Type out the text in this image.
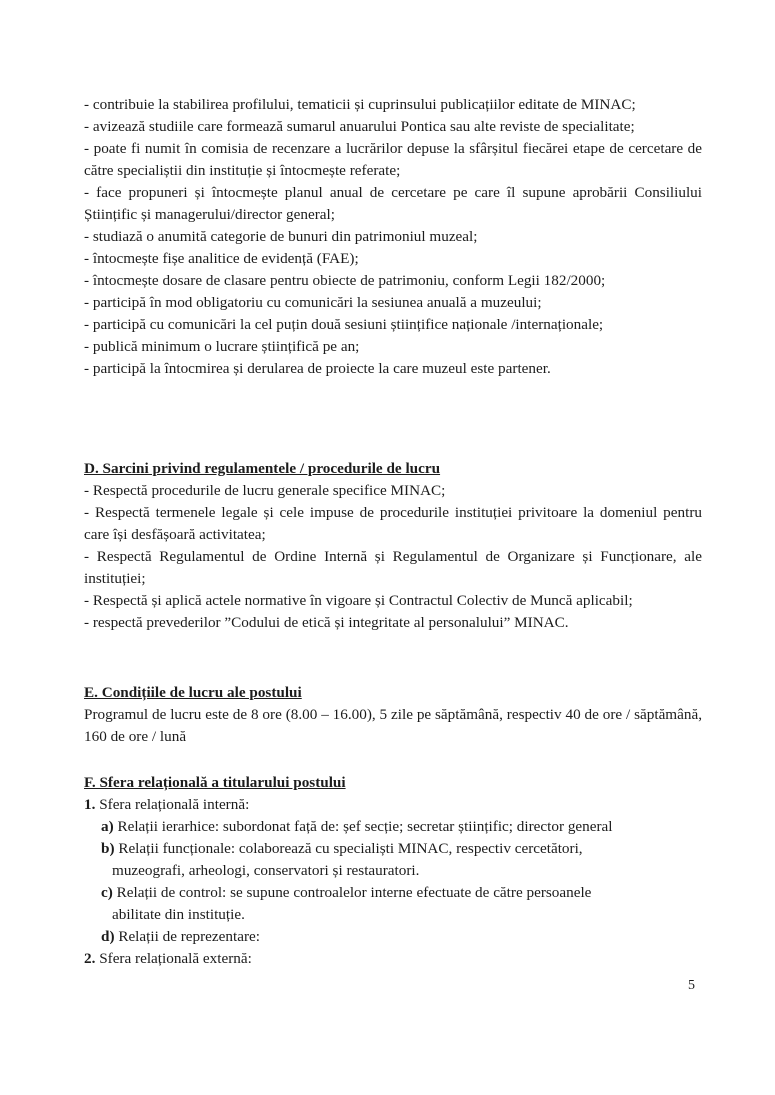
- contribuie la stabilirea profilului, tematicii și cuprinsului publicațiilor editate de MINAC;

- avizează studiile care formează sumarul anuarului Pontica sau alte reviste de specialitate;

- poate fi numit în comisia de recenzare a lucrărilor depuse la sfârșitul fiecărei etape de cercetare de către specialiștii din instituție și întocmește referate;

- face propuneri și întocmește planul anual de cercetare pe care îl supune aprobării Consiliului Științific și managerului/director general;

- studiază o anumită categorie de bunuri din patrimoniul muzeal;

- întocmește fișe analitice de evidență (FAE);

- întocmește dosare de clasare pentru obiecte de patrimoniu, conform Legii 182/2000;

- participă în mod obligatoriu cu comunicări la sesiunea anuală a muzeului;

- participă cu comunicări la cel puțin două sesiuni științifice naționale /internaționale;

- publică minimum o lucrare științifică pe an;

- participă la întocmirea și derularea de proiecte la care muzeul este partener.

D. Sarcini privind regulamentele / procedurile de lucru

- Respectă procedurile de lucru generale specifice MINAC;

- Respectă termenele legale și cele impuse de procedurile instituției privitoare la domeniul pentru care își desfășoară activitatea;

- Respectă Regulamentul de Ordine Internă și Regulamentul de Organizare și Funcționare, ale instituției;

- Respectă și aplică actele normative în vigoare și Contractul Colectiv de Muncă aplicabil;

- respectă prevederilor ”Codului de etică și integritate al personalului” MINAC.

E. Condițiile de lucru ale postului

Programul de lucru este de 8 ore (8.00 – 16.00), 5 zile pe săptămână, respectiv 40 de ore / săptămână, 160 de ore / lună

F. Sfera relațională a titularului postului

1. Sfera relațională internă:

a) Relații ierarhice: subordonat față de: șef secție; secretar științific; director general

b) Relații funcționale: colaborează cu specialiști MINAC, respectiv cercetători,

muzeografi, arheologi, conservatori și restauratori.

c) Relații de control: se supune controalelor interne efectuate de către persoanele

abilitate din instituție.

d) Relații de reprezentare:

2. Sfera relațională externă:

5
